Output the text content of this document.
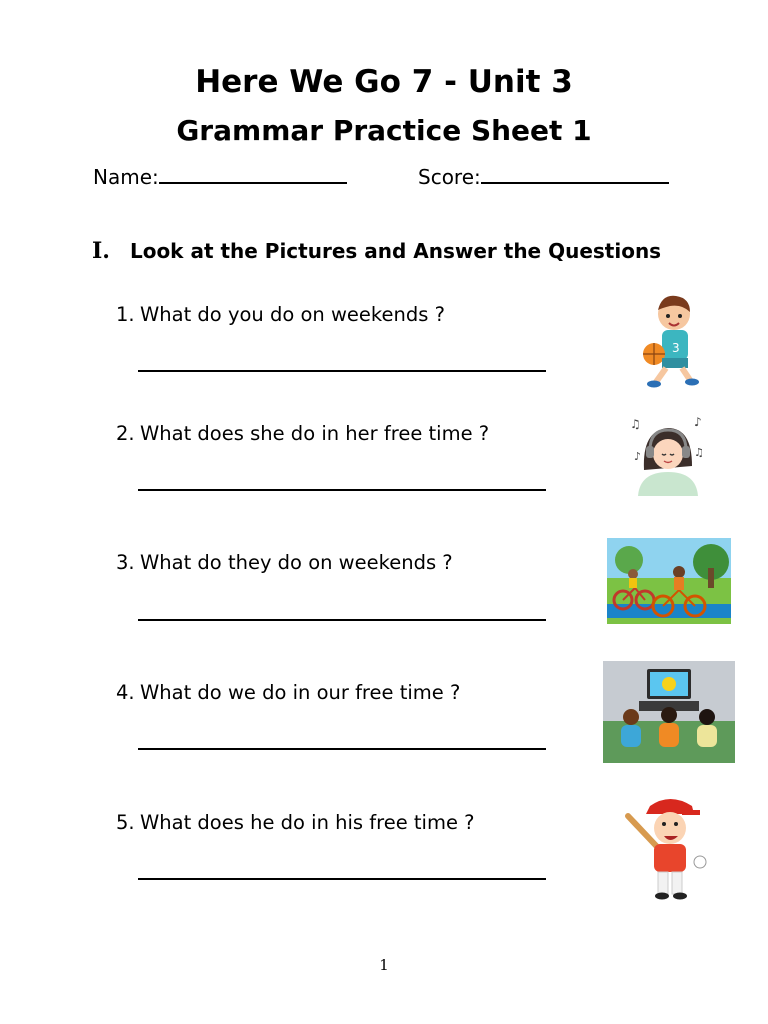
Here We Go 7 - Unit 3
Grammar Practice Sheet 1
Name:	Score:
I. Look at the Pictures and Answer the Questions
1. What do you do on weekends ?
3
2. What does she do in her free time ?	♫	♪
♪	♫
3. What do they do on weekends ?
4. What do we do in our free time ?
5. What does he do in his free time ?
1
